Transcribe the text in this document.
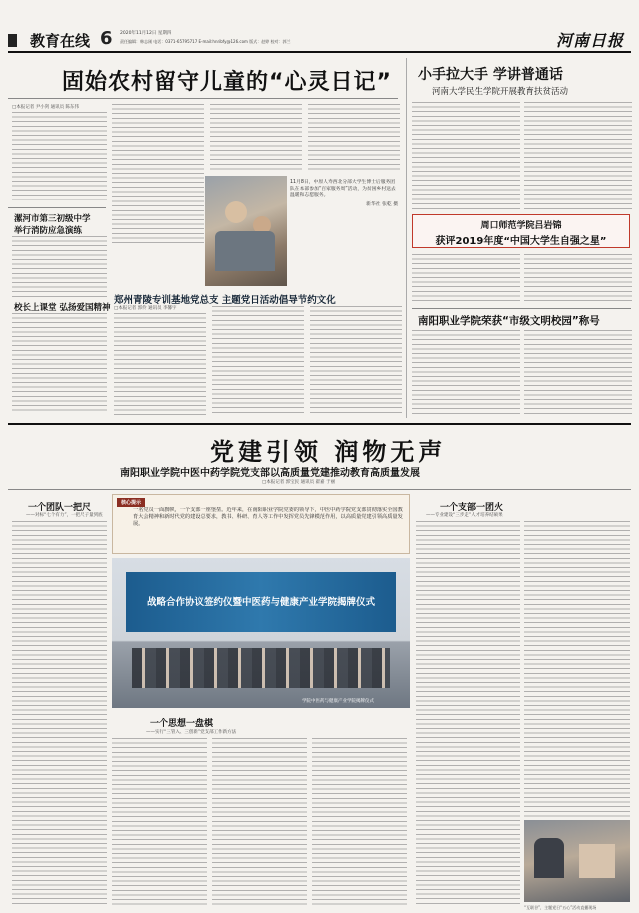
教育在线 6 2020年11月12日 星期四
责任编辑：韩志刚 电话：0371-65795717 E-mail:hnribfy@126.com 版式：赵婷 校对：郭兰	河南日报
固始农村留守儿童的“心灵日记”
□本报记者 尹小剑 通讯员 陈东伟
11月8日，中原人寿西北分部大学生博士后服务团队在本部参加“百家服务周”活动，为贫困乡村送去温暖和志愿服务。
新华社 张乾 摄
漯河市第三初级中学
举行消防应急演练
校长上课堂 弘扬爱国精神
郑州青陵专训基地党总支 主题党日活动倡导节约文化
□本报记者 郭伶 通讯员 李馨宇
小手拉大手 学讲普通话
河南大学民生学院开展教育扶贫活动
周口师范学院吕岩锦
获评2019年度“中国大学生自强之星”
南阳职业学院荣获“市级文明校园”称号
党建引领 润物无声
南阳职业学院中医中药学院党支部以高质量党建推动教育高质量发展
□本报记者 郭宝民 通讯员 翟嘉 于丽
一个团队一把尺
——对标“七个有力”，一把尺子量到底
核心提示
一名党员一面旗帜，一个支部一座堡垒。近年来，在南阳职业学院党委的领导下，中医中药学院党支部贯彻落实全国教育大会精神和新时代党的建设总要求，教书、科研、育人等工作中发挥党员先锋模范作用，以高质量党建引领高质量发展。
战略合作协议签约仪暨中医药与健康产业学院揭牌仪式
学院中医药与健康产业学院揭牌仪式
一个思想一盘棋
——实行“三管入、三创新”党支部工作新方法
一个支部一团火
——专业建设“三步走”人才培养结硕果
“互联谷”，主题党日“五心”活动直播现场
